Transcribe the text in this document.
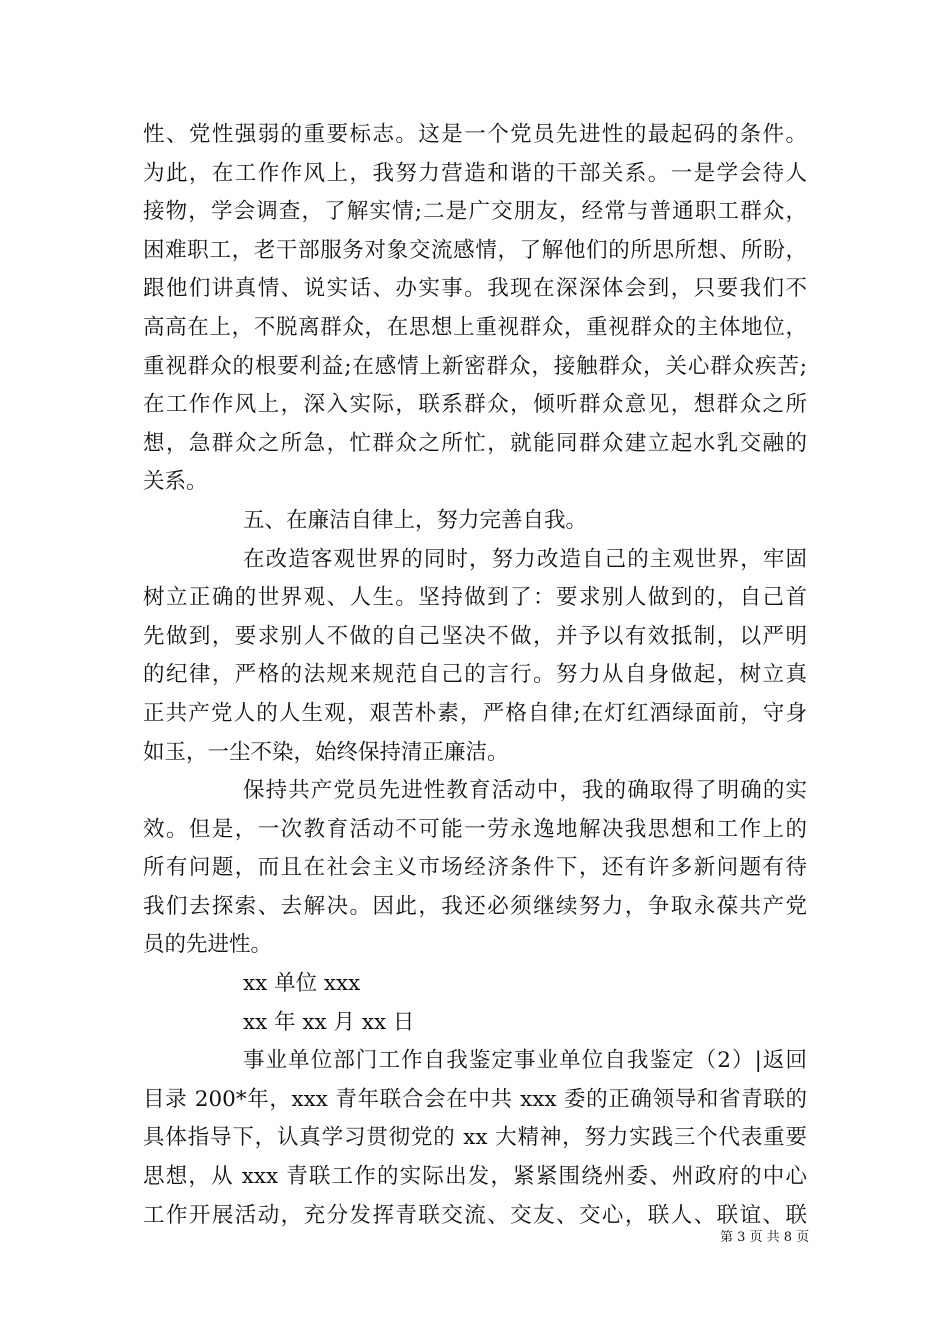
性、党性强弱的重要标志。这是一个党员先进性的最起码的条件。
为此，在工作作风上，我努力营造和谐的干部关系。一是学会待人
接物，学会调查，了解实情;二是广交朋友，经常与普通职工群众，
困难职工，老干部服务对象交流感情，了解他们的所思所想、所盼，
跟他们讲真情、说实话、办实事。我现在深深体会到，只要我们不
高高在上，不脱离群众，在思想上重视群众，重视群众的主体地位，
重视群众的根要利益;在感情上新密群众，接触群众，关心群众疾苦;
在工作作风上，深入实际，联系群众，倾听群众意见，想群众之所
想，急群众之所急，忙群众之所忙，就能同群众建立起水乳交融的
关系。
五、在廉洁自律上，努力完善自我。
在改造客观世界的同时，努力改造自己的主观世界，牢固
树立正确的世界观、人生。坚持做到了：要求别人做到的，自己首
先做到，要求别人不做的自己坚决不做，并予以有效抵制，以严明
的纪律，严格的法规来规范自己的言行。努力从自身做起，树立真
正共产党人的人生观，艰苦朴素，严格自律;在灯红酒绿面前，守身
如玉，一尘不染，始终保持清正廉洁。
保持共产党员先进性教育活动中，我的确取得了明确的实
效。但是，一次教育活动不可能一劳永逸地解决我思想和工作上的
所有问题，而且在社会主义市场经济条件下，还有许多新问题有待
我们去探索、去解决。因此，我还必须继续努力，争取永葆共产党
员的先进性。
xx 单位 xxx
xx 年 xx 月 xx 日
事业单位部门工作自我鉴定事业单位自我鉴定（2）|返回
目录 200*年，xxx 青年联合会在中共 xxx 委的正确领导和省青联的
具体指导下，认真学习贯彻党的 xx 大精神，努力实践三个代表重要
思想，从 xxx 青联工作的实际出发，紧紧围绕州委、州政府的中心
工作开展活动，充分发挥青联交流、交友、交心，联人、联谊、联
第 3 页 共 8 页
